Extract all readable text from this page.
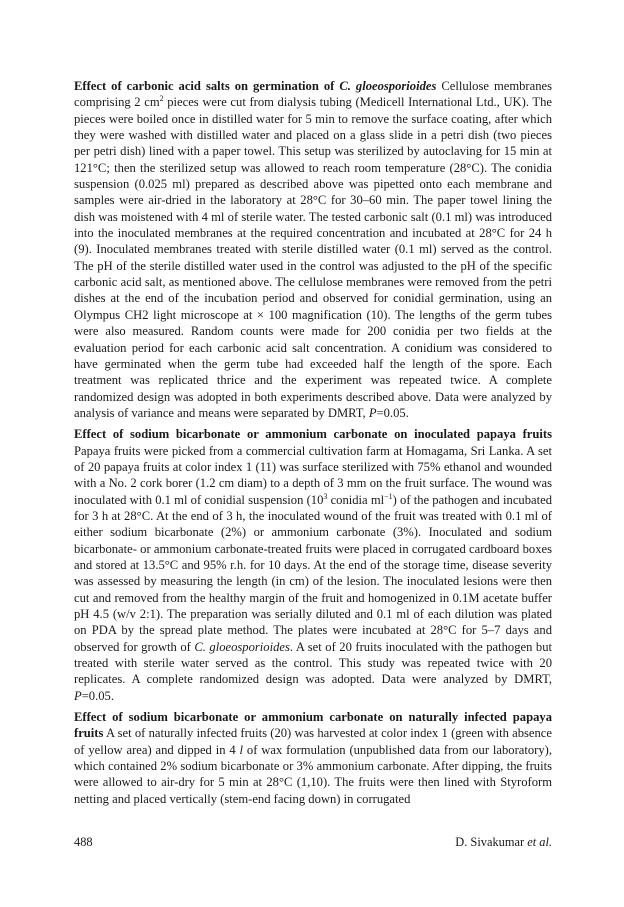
Effect of carbonic acid salts on germination of C. gloeosporioides Cellulose membranes comprising 2 $cm^2$ pieces were cut from dialysis tubing (Medicell International Ltd., UK). The pieces were boiled once in distilled water for 5 min to remove the surface coating, after which they were washed with distilled water and placed on a glass slide in a petri dish (two pieces per petri dish) lined with a paper towel. This setup was sterilized by autoclaving for 15 min at 121°C; then the sterilized setup was allowed to reach room temperature (28°C). The conidia suspension (0.025 ml) prepared as described above was pipetted onto each membrane and samples were air-dried in the laboratory at 28°C for 30–60 min. The paper towel lining the dish was moistened with 4 ml of sterile water. The tested carbonic salt (0.1 ml) was introduced into the inoculated membranes at the required concentration and incubated at 28°C for 24 h (9). Inoculated membranes treated with sterile distilled water (0.1 ml) served as the control. The pH of the sterile distilled water used in the control was adjusted to the pH of the specific carbonic acid salt, as mentioned above. The cellulose membranes were removed from the petri dishes at the end of the incubation period and observed for conidial germination, using an Olympus CH2 light microscope at × 100 magnification (10). The lengths of the germ tubes were also measured. Random counts were made for 200 conidia per two fields at the evaluation period for each carbonic acid salt concentration. A conidium was considered to have germinated when the germ tube had exceeded half the length of the spore. Each treatment was replicated thrice and the experiment was repeated twice. A complete randomized design was adopted in both experiments described above. Data were analyzed by analysis of variance and means were separated by DMRT, P=0.05.

Effect of sodium bicarbonate or ammonium carbonate on inoculated papaya fruits Papaya fruits were picked from a commercial cultivation farm at Homagama, Sri Lanka. A set of 20 papaya fruits at color index 1 (11) was surface sterilized with 75% ethanol and wounded with a No. 2 cork borer (1.2 cm diam) to a depth of 3 mm on the fruit surface. The wound was inoculated with 0.1 ml of conidial suspension ($10^3$ conidia $ml^{-1}$) of the pathogen and incubated for 3 h at 28°C. At the end of 3 h, the inoculated wound of the fruit was treated with 0.1 ml of either sodium bicarbonate (2%) or ammonium carbonate (3%). Inoculated and sodium bicarbonate- or ammonium carbonate-treated fruits were placed in corrugated cardboard boxes and stored at 13.5°C and 95% r.h. for 10 days. At the end of the storage time, disease severity was assessed by measuring the length (in cm) of the lesion. The inoculated lesions were then cut and removed from the healthy margin of the fruit and homogenized in 0.1M acetate buffer pH 4.5 (w/v 2:1). The preparation was serially diluted and 0.1 ml of each dilution was plated on PDA by the spread plate method. The plates were incubated at 28°C for 5–7 days and observed for growth of C. gloeosporioides. A set of 20 fruits inoculated with the pathogen but treated with sterile water served as the control. This study was repeated twice with 20 replicates. A complete randomized design was adopted. Data were analyzed by DMRT, P=0.05.

Effect of sodium bicarbonate or ammonium carbonate on naturally infected papaya fruits A set of naturally infected fruits (20) was harvested at color index 1 (green with absence of yellow area) and dipped in 4 l of wax formulation (unpublished data from our laboratory), which contained 2% sodium bicarbonate or 3% ammonium carbonate. After dipping, the fruits were allowed to air-dry for 5 min at 28°C (1,10). The fruits were then lined with Styroform netting and placed vertically (stem-end facing down) in corrugated

488	D. Sivakumar et al.
